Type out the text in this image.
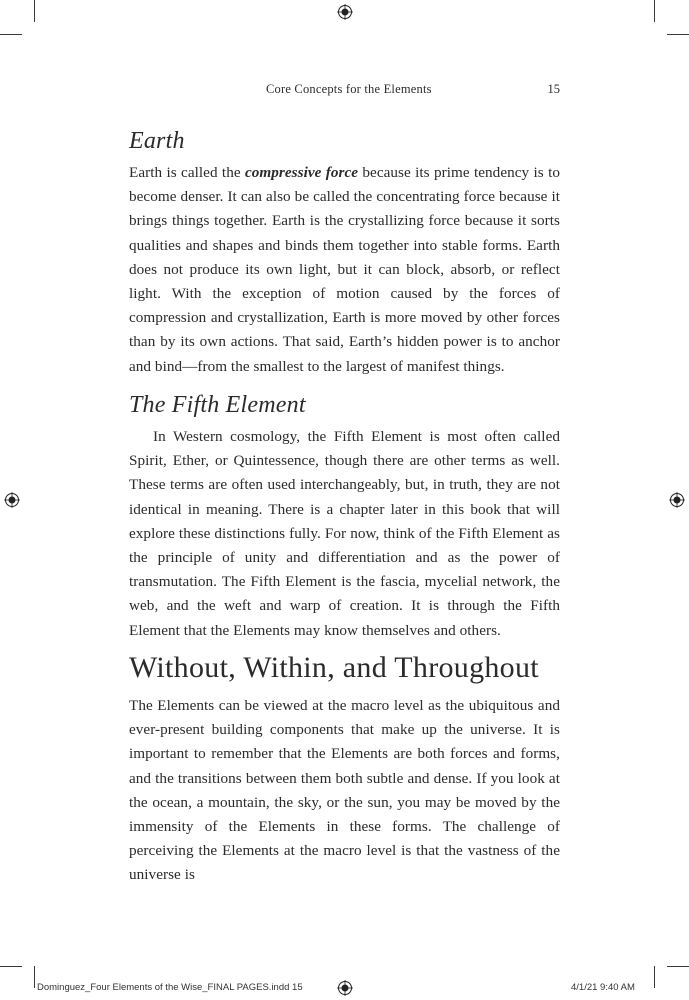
Core Concepts for the Elements	15
Earth

Earth is called the compressive force because its prime tendency is to become denser. It can also be called the concentrating force because it brings things together. Earth is the crystallizing force because it sorts qualities and shapes and binds them together into stable forms. Earth does not produce its own light, but it can block, absorb, or reflect light. With the exception of motion caused by the forces of compression and crystallization, Earth is more moved by other forces than by its own actions. That said, Earth’s hidden power is to anchor and bind—from the smallest to the largest of manifest things.

The Fifth Element

In Western cosmology, the Fifth Element is most often called Spirit, Ether, or Quintessence, though there are other terms as well. These terms are often used interchangeably, but, in truth, they are not identical in meaning. There is a chapter later in this book that will explore these distinctions fully. For now, think of the Fifth Element as the principle of unity and differentiation and as the power of transmutation. The Fifth Element is the fascia, mycelial network, the web, and the weft and warp of creation. It is through the Fifth Element that the Elements may know themselves and others.

Without, Within, and Throughout

The Elements can be viewed at the macro level as the ubiquitous and ever-present building components that make up the universe. It is important to remember that the Elements are both forces and forms, and the transitions between them both subtle and dense. If you look at the ocean, a mountain, the sky, or the sun, you may be moved by the immensity of the Elements in these forms. The challenge of perceiving the Elements at the macro level is that the vastness of the universe is

Dominguez_Four Elements of the Wise_FINAL PAGES.indd 15	4/1/21 9:40 AM
